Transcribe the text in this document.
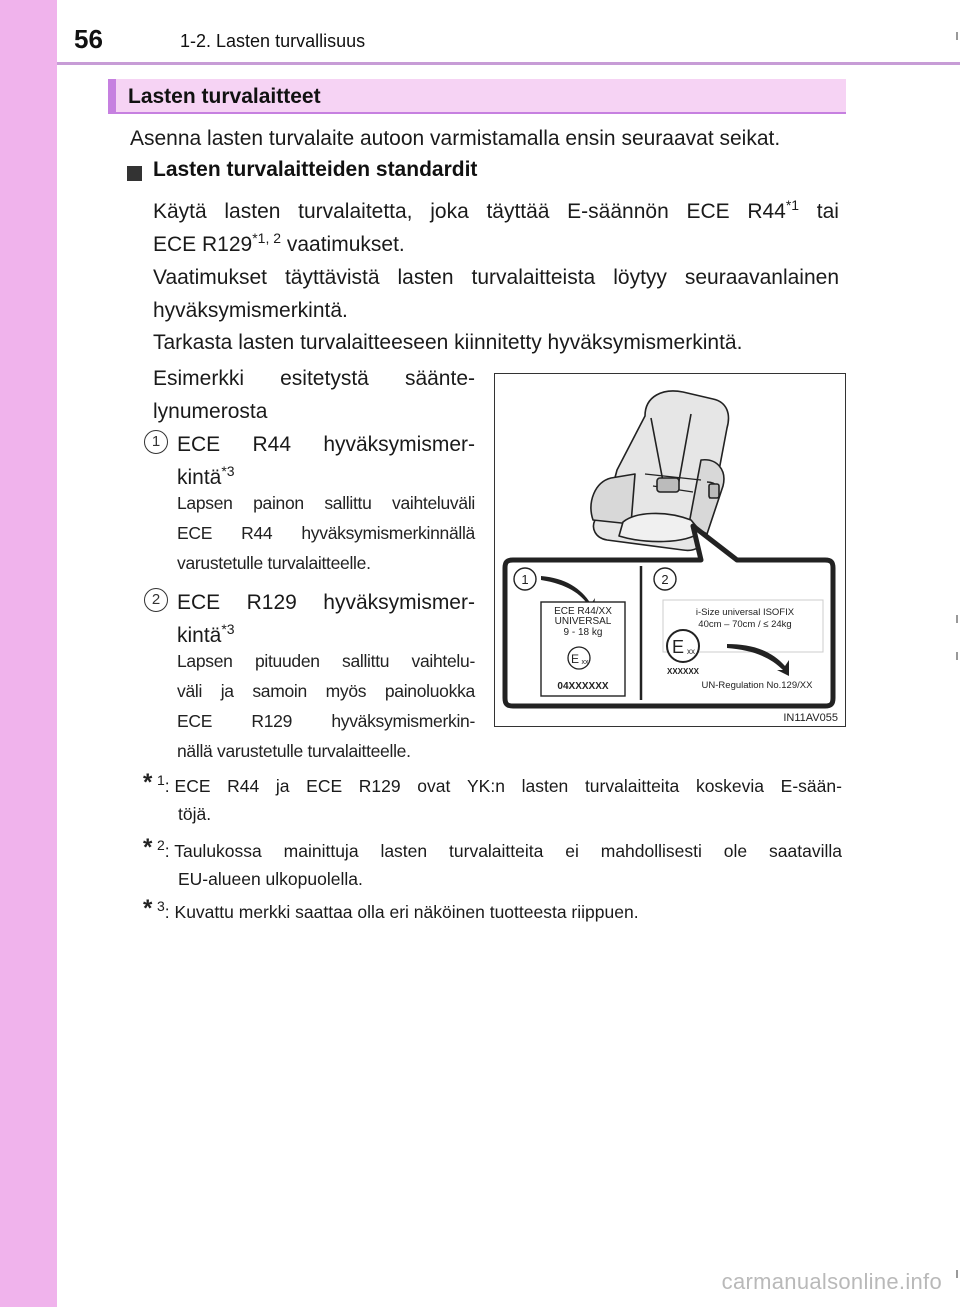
56	1-2. Lasten turvallisuus
Lasten turvalaitteet
Asenna lasten turvalaite autoon varmistamalla ensin seuraavat seikat.
Lasten turvalaitteiden standardit
Käytä lasten turvalaitetta, joka täyttää E-säännön ECE R44$^{*1}$ tai
ECE R129$^{*1, 2}$ vaatimukset.
Vaatimukset täyttävistä lasten turvalaitteista löytyy seuraavanlainen hyväksymismerkintä.
Tarkasta lasten turvalaitteeseen kiinnitetty hyväksymismerkintä.
Esimerkki esitetystä säänte-
lynumerosta
1 ECE R44 hyväksymismer-
kintä$^{*3}$
Lapsen painon sallittu vaihteluväli
ECE R44 hyväksymismerkinnällä
varustetulle turvalaitteelle.
2 ECE R129 hyväksymismer-
kintä$^{*3}$
Lapsen pituuden sallittu vaihtelu-
väli ja samoin myös painoluokka
ECE R129 hyväksymismerkin-
nällä varustetulle turvalaitteelle.
1	2
ECE R44/XX
UNIVERSAL
9 - 18 kg
E xx
04XXXXXX
i-Size universal ISOFIX
40cm – 70cm / ≤ 24kg
E xx
XXXXXX
UN-Regulation No.129/XX
IN11AV055
* $^1$: ECE R44 ja ECE R129 ovat YK:n lasten turvalaitteita koskevia E-sään-
töjä.
* $^2$: Taulukossa mainittuja lasten turvalaitteita ei mahdollisesti ole saatavilla
EU-alueen ulkopuolella.
* $^3$: Kuvattu merkki saattaa olla eri näköinen tuotteesta riippuen.
carmanualsonline.info
